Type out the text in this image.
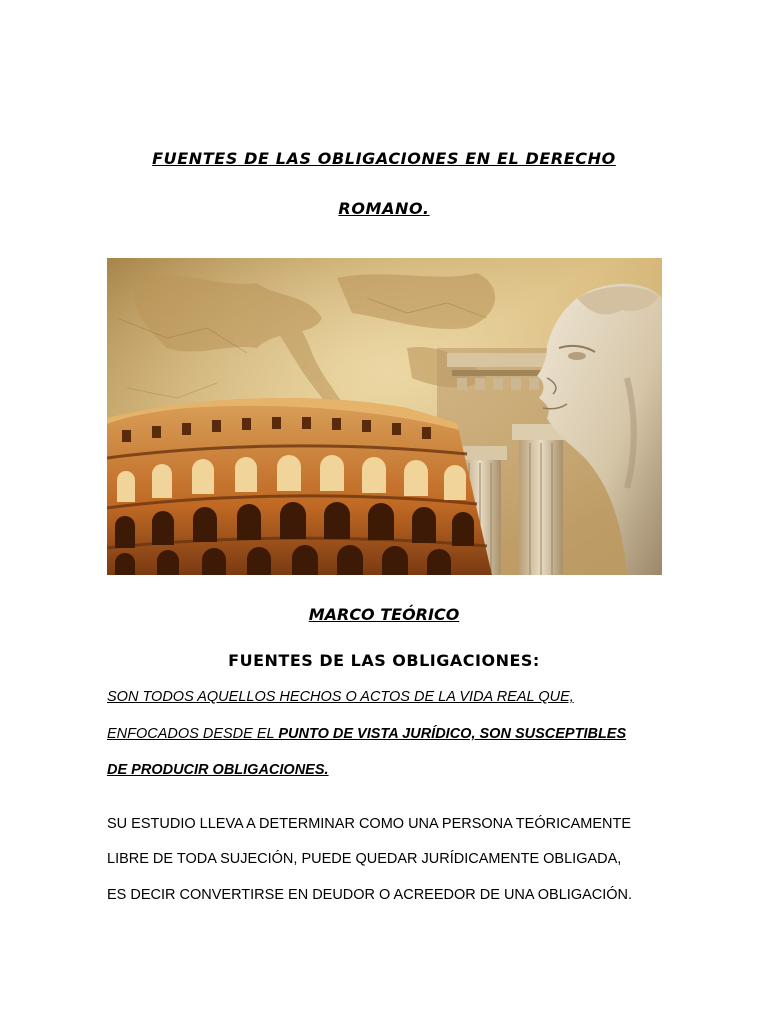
FUENTES DE LAS OBLIGACIONES EN EL DERECHO
ROMANO.
MARCO TEÓRICO
FUENTES DE LAS OBLIGACIONES:
SON TODOS AQUELLOS HECHOS O ACTOS DE LA VIDA REAL QUE,
ENFOCADOS DESDE EL PUNTO DE VISTA JURÍDICO, SON SUSCEPTIBLES
DE PRODUCIR OBLIGACIONES.
SU ESTUDIO LLEVA A DETERMINAR COMO UNA PERSONA TEÓRICAMENTE
LIBRE DE TODA SUJECIÓN, PUEDE QUEDAR JURÍDICAMENTE OBLIGADA,
ES DECIR CONVERTIRSE EN DEUDOR O ACREEDOR DE UNA OBLIGACIÓN.
